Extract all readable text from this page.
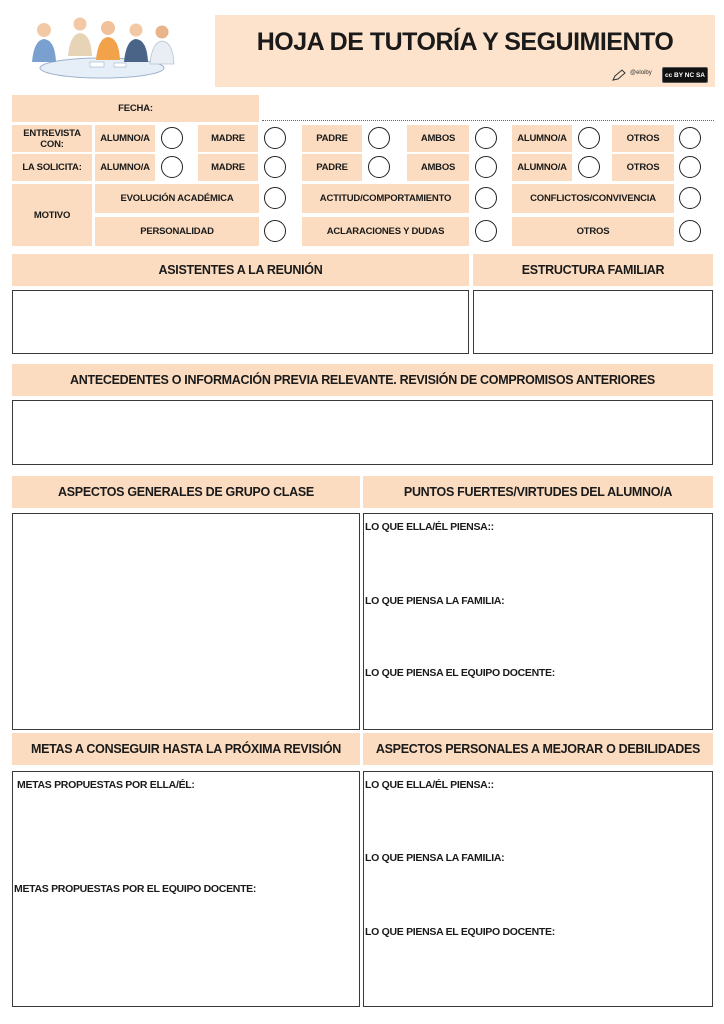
HOJA DE TUTORÍA Y SEGUIMIENTO
@eloiby cc BY NC SA
FECHA:
ENTREVISTA CON:	ALUMNO/A	MADRE	PADRE	AMBOS	ALUMNO/A	OTROS
LA SOLICITA:	ALUMNO/A	MADRE	PADRE	AMBOS	ALUMNO/A	OTROS
MOTIVO
EVOLUCIÓN ACADÉMICA	ACTITUD/COMPORTAMIENTO	CONFLICTOS/CONVIVENCIA
PERSONALIDAD	ACLARACIONES Y DUDAS	OTROS
ASISTENTES A LA REUNIÓN	ESTRUCTURA FAMILIAR
ANTECEDENTES O INFORMACIÓN PREVIA RELEVANTE. REVISIÓN DE COMPROMISOS ANTERIORES
ASPECTOS GENERALES DE GRUPO CLASE	PUNTOS FUERTES/VIRTUDES DEL ALUMNO/A
LO QUE ELLA/ÉL PIENSA::
LO QUE PIENSA LA FAMILIA:
LO QUE PIENSA EL EQUIPO DOCENTE:
METAS A CONSEGUIR HASTA LA PRÓXIMA REVISIÓN	ASPECTOS PERSONALES A MEJORAR O DEBILIDADES
METAS PROPUESTAS POR ELLA/ÉL:
METAS PROPUESTAS POR EL EQUIPO DOCENTE:
LO QUE ELLA/ÉL PIENSA::
LO QUE PIENSA LA FAMILIA:
LO QUE PIENSA EL EQUIPO DOCENTE:
